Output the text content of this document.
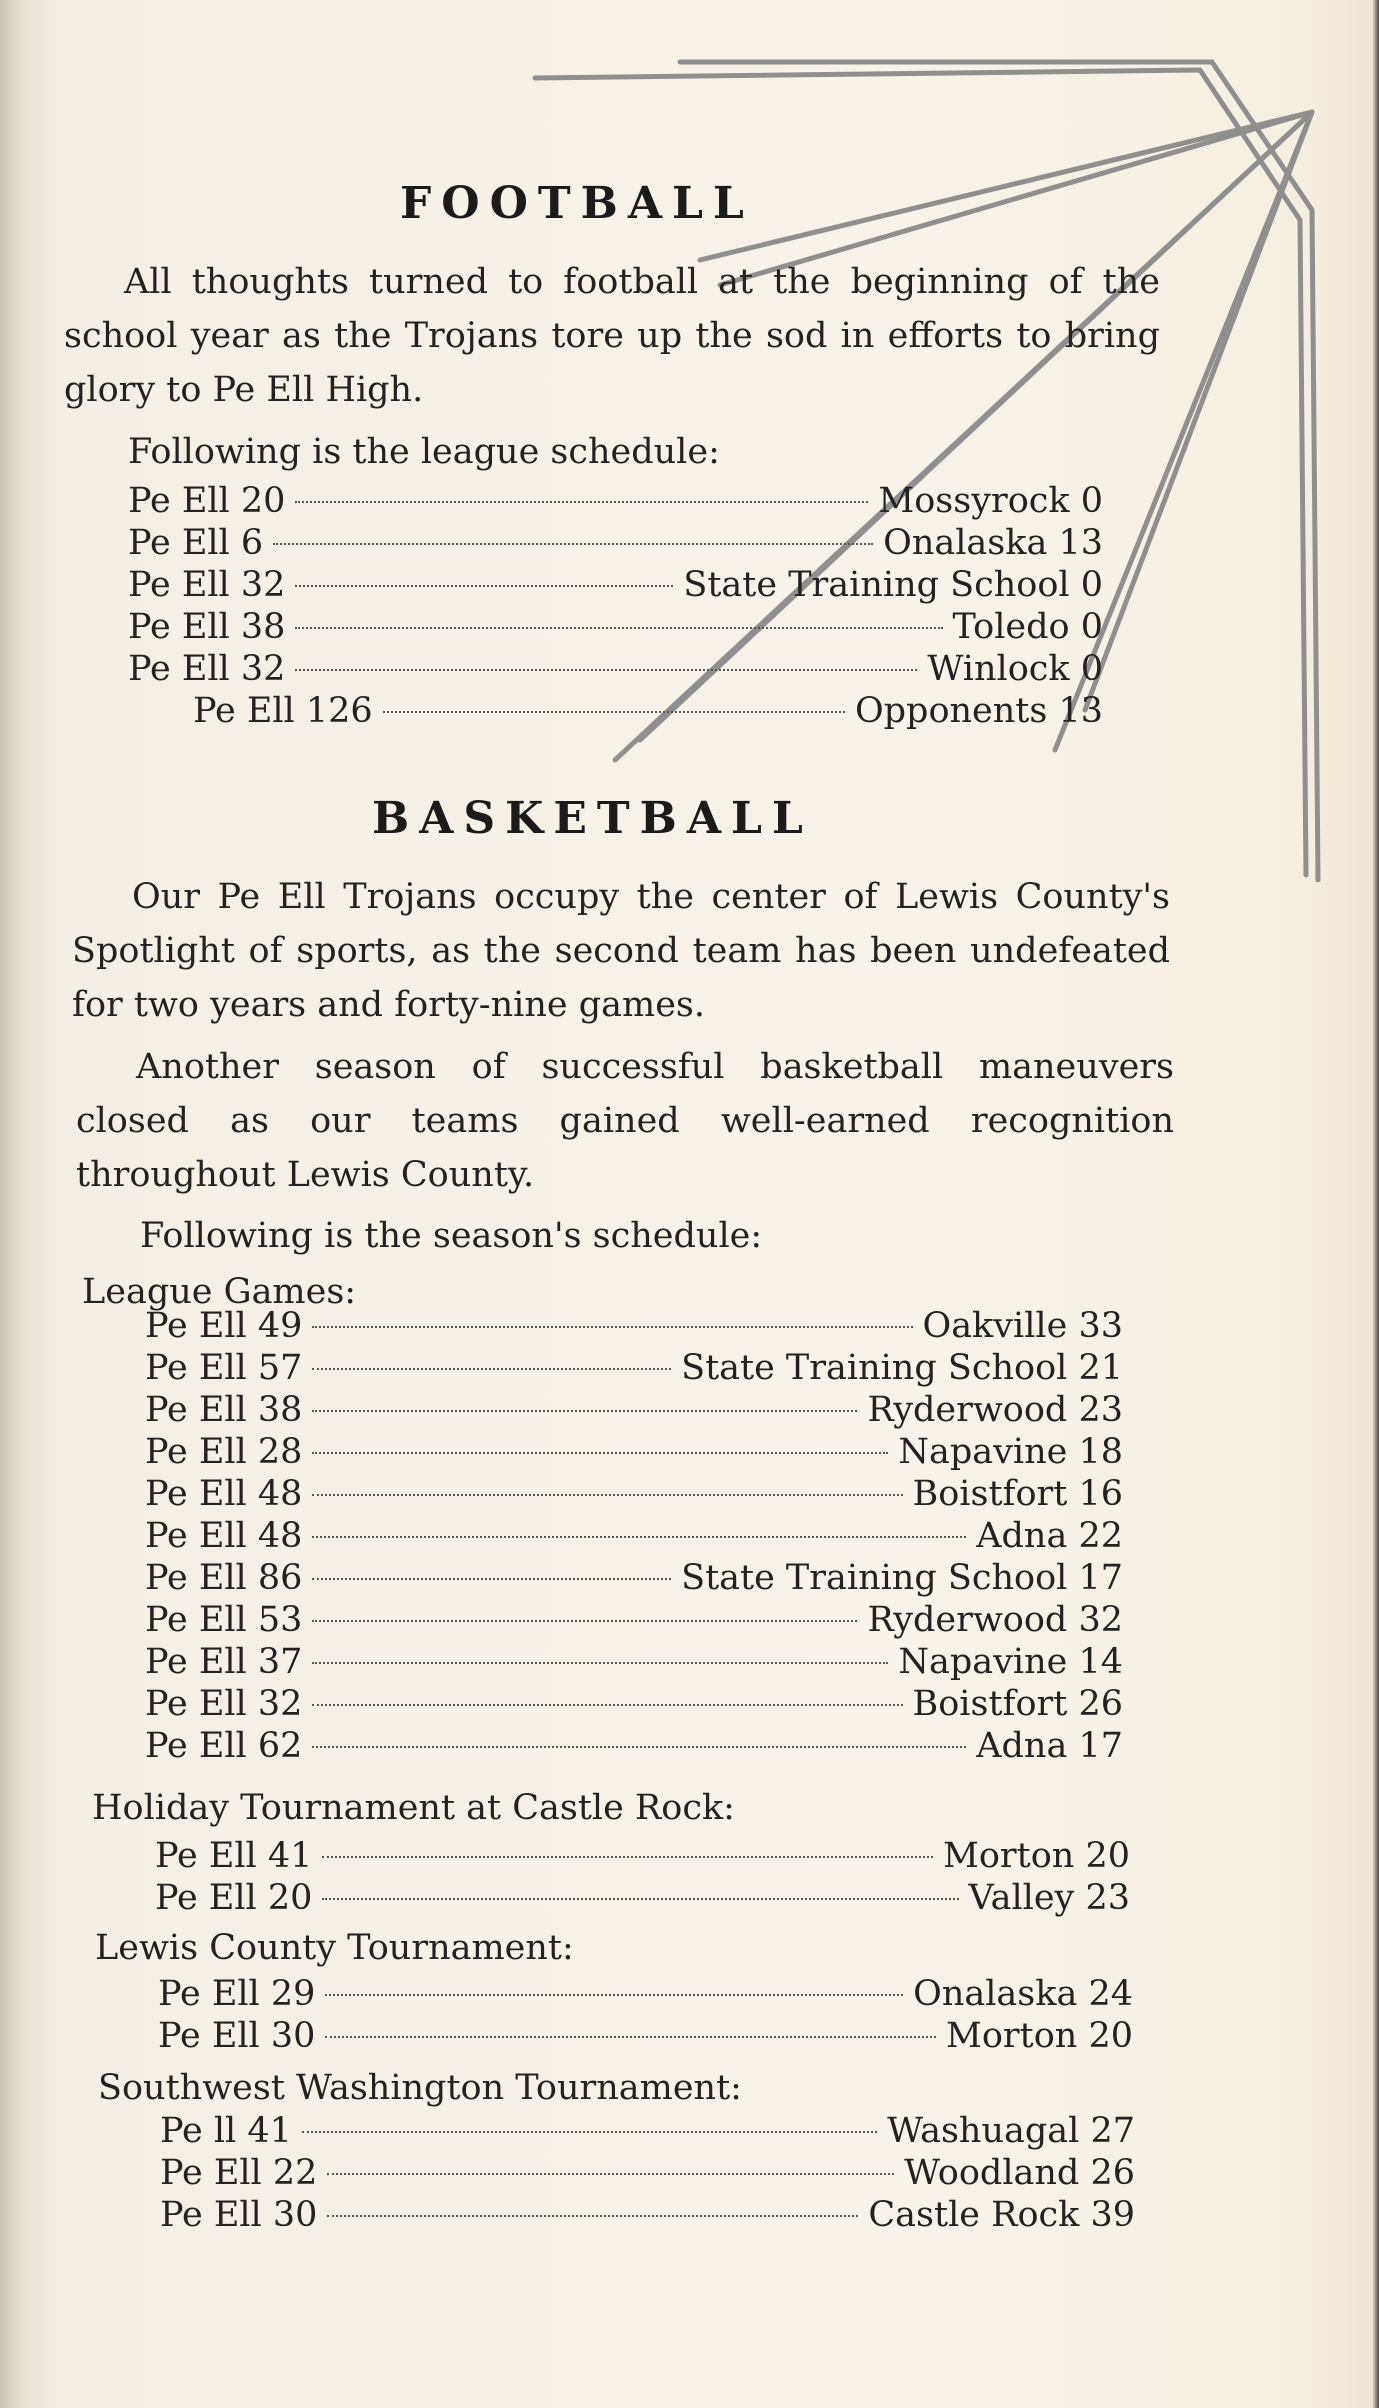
FOOTBALL

All thoughts turned to football at the beginning of the school year as the Trojans tore up the sod in efforts to bring glory to Pe Ell High.

Following is the league schedule:

Pe Ell 20	Mossyrock 0
Pe Ell 6	Onalaska 13
Pe Ell 32	State Training School 0
Pe Ell 38	Toledo 0
Pe Ell 32	Winlock 0
Pe Ell 126	Opponents 13
BASKETBALL

Our Pe Ell Trojans occupy the center of Lewis County's Spotlight of sports, as the second team has been undefeated for two years and forty-nine games.

Another season of successful basketball maneuvers closed as our teams gained well-earned recognition throughout Lewis County.

Following is the season's schedule:

League Games:

Pe Ell 49	Oakville 33
Pe Ell 57	State Training School 21
Pe Ell 38	Ryderwood 23
Pe Ell 28	Napavine 18
Pe Ell 48	Boistfort 16
Pe Ell 48	Adna 22
Pe Ell 86	State Training School 17
Pe Ell 53	Ryderwood 32
Pe Ell 37	Napavine 14
Pe Ell 32	Boistfort 26
Pe Ell 62	Adna 17

Holiday Tournament at Castle Rock:

Pe Ell 41	Morton 20
Pe Ell 20	Valley 23

Lewis County Tournament:

Pe Ell 29	Onalaska 24
Pe Ell 30	Morton 20

Southwest Washington Tournament:

Pe ll 41	Washuagal 27
Pe Ell 22	Woodland 26
Pe Ell 30	Castle Rock 39
